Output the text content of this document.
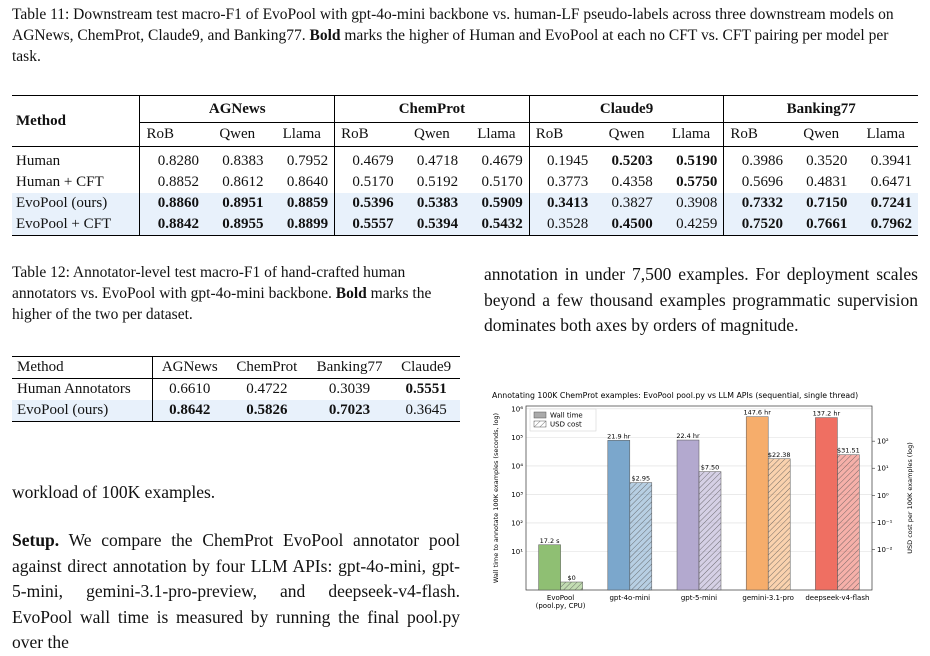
Table 11: Downstream test macro-F1 of EvoPool with gpt-4o-mini backbone vs. human-LF pseudo-labels across three downstream models on AGNews, ChemProt, Claude9, and Banking77. Bold marks the higher of Human and EvoPool at each no CFT vs. CFT pairing per model per task.
Method	AGNews			ChemProt			Claude9			Banking77		
	RoB	Qwen	Llama	RoB	Qwen	Llama	RoB	Qwen	Llama	RoB	Qwen	Llama
Human	0.8280	0.8383	0.7952	0.4679	0.4718	0.4679	0.1945	0.5203	0.5190	0.3986	0.3520	0.3941
Human + CFT	0.8852	0.8612	0.8640	0.5170	0.5192	0.5170	0.3773	0.4358	0.5750	0.5696	0.4831	0.6471
EvoPool (ours)	0.8860	0.8951	0.8859	0.5396	0.5383	0.5909	0.3413	0.3827	0.3908	0.7332	0.7150	0.7241
EvoPool + CFT	0.8842	0.8955	0.8899	0.5557	0.5394	0.5432	0.3528	0.4500	0.4259	0.7520	0.7661	0.7962
Table 12: Annotator-level test macro-F1 of hand-crafted human annotators vs. EvoPool with gpt-4o-mini backbone. Bold marks the higher of the two per dataset.
Method	AGNews	ChemProt	Banking77	Claude9
Human Annotators	0.6610	0.4722	0.3039	0.5551
EvoPool (ours)	0.8642	0.5826	0.7023	0.3645
annotation in under 7,500 examples. For deployment scales beyond a few thousand examples programmatic supervision dominates both axes by orders of magnitude.
workload of 100K examples.
Setup. We compare the ChemProt EvoPool annotator pool against direct annotation by four LLM APIs: gpt-4o-mini, gpt-5-mini, gemini-3.1-pro-preview, and deepseek-v4-flash. EvoPool wall time is measured by running the final pool.py over the
Annotating 100K ChemProt examples: EvoPool pool.py vs LLM APIs (sequential, single thread)
10¹
10²
10³
10⁴
10⁵
10⁶
10⁻²
10⁻¹
10⁰
10¹
10²
17.2 s
$0
EvoPool
(pool.py, CPU)
21.9 hr
$2.95
gpt-4o-mini
22.4 hr
$7.50
gpt-5-mini
147.6 hr
$22.38
gemini-3.1-pro
137.2 hr
$31.51
deepseek-v4-flash
Wall time
USD cost
Wall time to annotate 100K examples (seconds, log)	USD cost per 100K examples (log)
